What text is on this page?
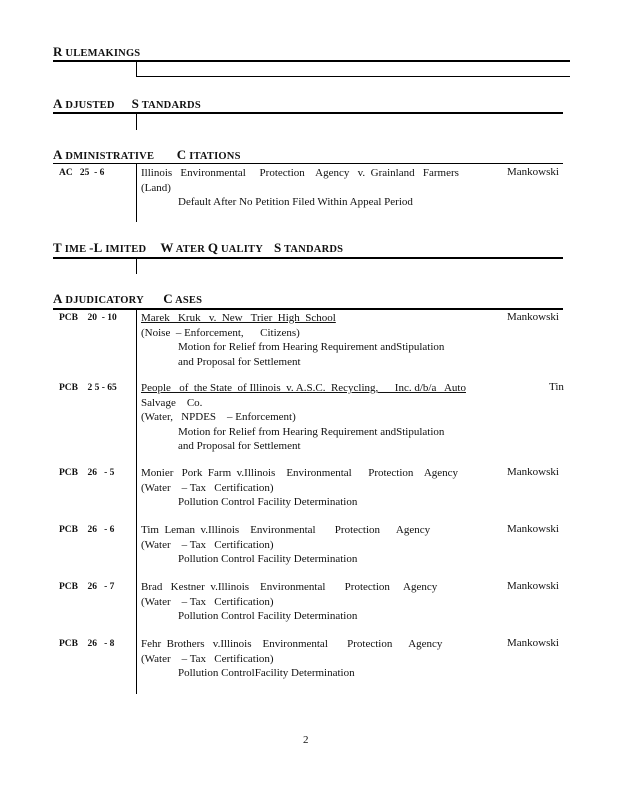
R ULEMAKINGS
A DJUSTED S TANDARDS
A DMINISTRATIVE C ITATIONS
AC   25  - 6	Illinois   Environmental     Protection    Agency   v.  Grainland   Farmers
(Land)
Default After No Petition Filed Within Appeal Period
Mankowski
T IME -L IMITED W ATER Q UALITY S TANDARDS
A DJUDICATORY C ASES
PCB    20  - 10 Marek   Kruk   v.  New   Trier  High  School
(Noise  – Enforcement,      Citizens)
Motion for Relief from Hearing Requirement andStipulation
and Proposal for Settlement
Mankowski
PCB    2 5 - 65 People   of  the State  of Illinois  v. A.S.C.  Recycling,      Inc. d/b/a   Auto
Salvage    Co.
(Water,   NPDES    – Enforcement)
Motion for Relief from Hearing Requirement andStipulation
and Proposal for Settlement
Tin
PCB    26   - 5 Monier   Pork  Farm  v.Illinois    Environmental      Protection    Agency
(Water    – Tax   Certification)
Pollution Control Facility Determination
Mankowski
PCB    26   - 6 Tim  Leman  v.Illinois    Environmental       Protection      Agency
(Water    – Tax   Certification)
Pollution Control Facility Determination
Mankowski
PCB    26   - 7 Brad   Kestner  v.Illinois    Environmental       Protection     Agency
(Water    – Tax   Certification)
Pollution Control Facility Determination
Mankowski
PCB    26   - 8 Fehr  Brothers   v.Illinois    Environmental       Protection      Agency
(Water    – Tax   Certification)
Pollution ControlFacility Determination
Mankowski
2
